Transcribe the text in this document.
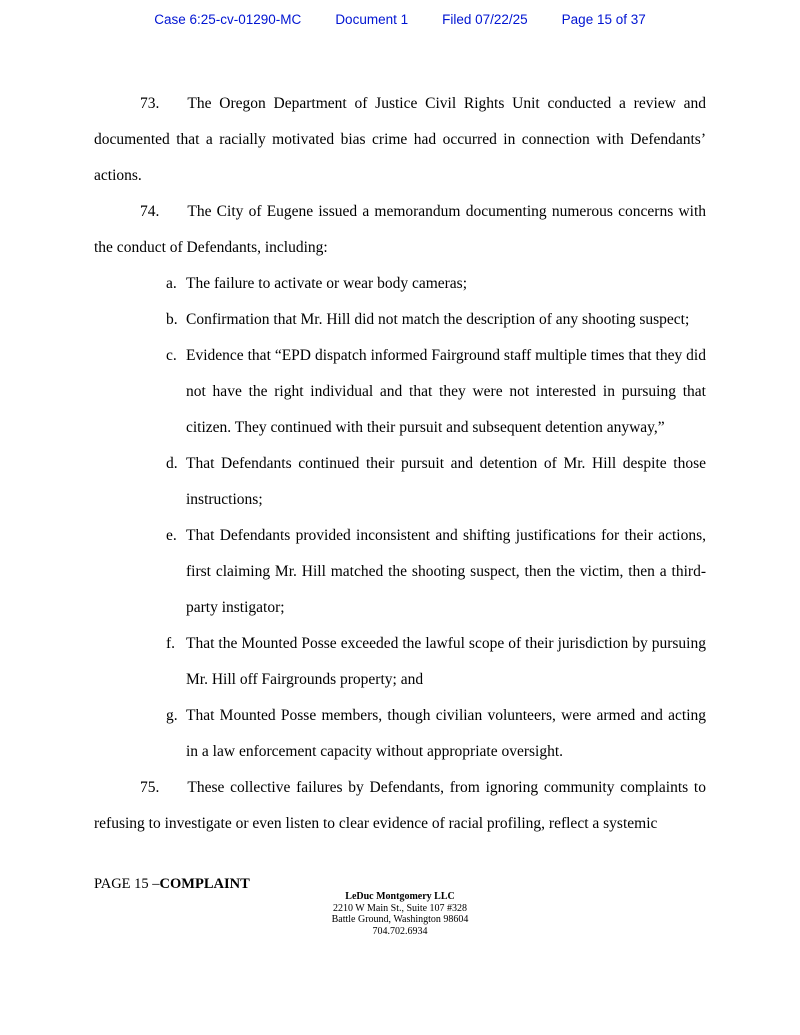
Case 6:25-cv-01290-MC	Document 1	Filed 07/22/25	Page 15 of 37

73. The Oregon Department of Justice Civil Rights Unit conducted a review and documented that a racially motivated bias crime had occurred in connection with Defendants’ actions.

74. The City of Eugene issued a memorandum documenting numerous concerns with the conduct of Defendants, including:

a. The failure to activate or wear body cameras;
b. Confirmation that Mr. Hill did not match the description of any shooting suspect;
c. Evidence that “EPD dispatch informed Fairground staff multiple times that they did not have the right individual and that they were not interested in pursuing that citizen. They continued with their pursuit and subsequent detention anyway,”
d. That Defendants continued their pursuit and detention of Mr. Hill despite those instructions;
e. That Defendants provided inconsistent and shifting justifications for their actions, first claiming Mr. Hill matched the shooting suspect, then the victim, then a third-party instigator;
f. That the Mounted Posse exceeded the lawful scope of their jurisdiction by pursuing Mr. Hill off Fairgrounds property; and
g. That Mounted Posse members, though civilian volunteers, were armed and acting in a law enforcement capacity without appropriate oversight.

75. These collective failures by Defendants, from ignoring community complaints to refusing to investigate or even listen to clear evidence of racial profiling, reflect a systemic

PAGE 15 –COMPLAINT
LeDuc Montgomery LLC
2210 W Main St., Suite 107 #328
Battle Ground, Washington 98604
704.702.6934
